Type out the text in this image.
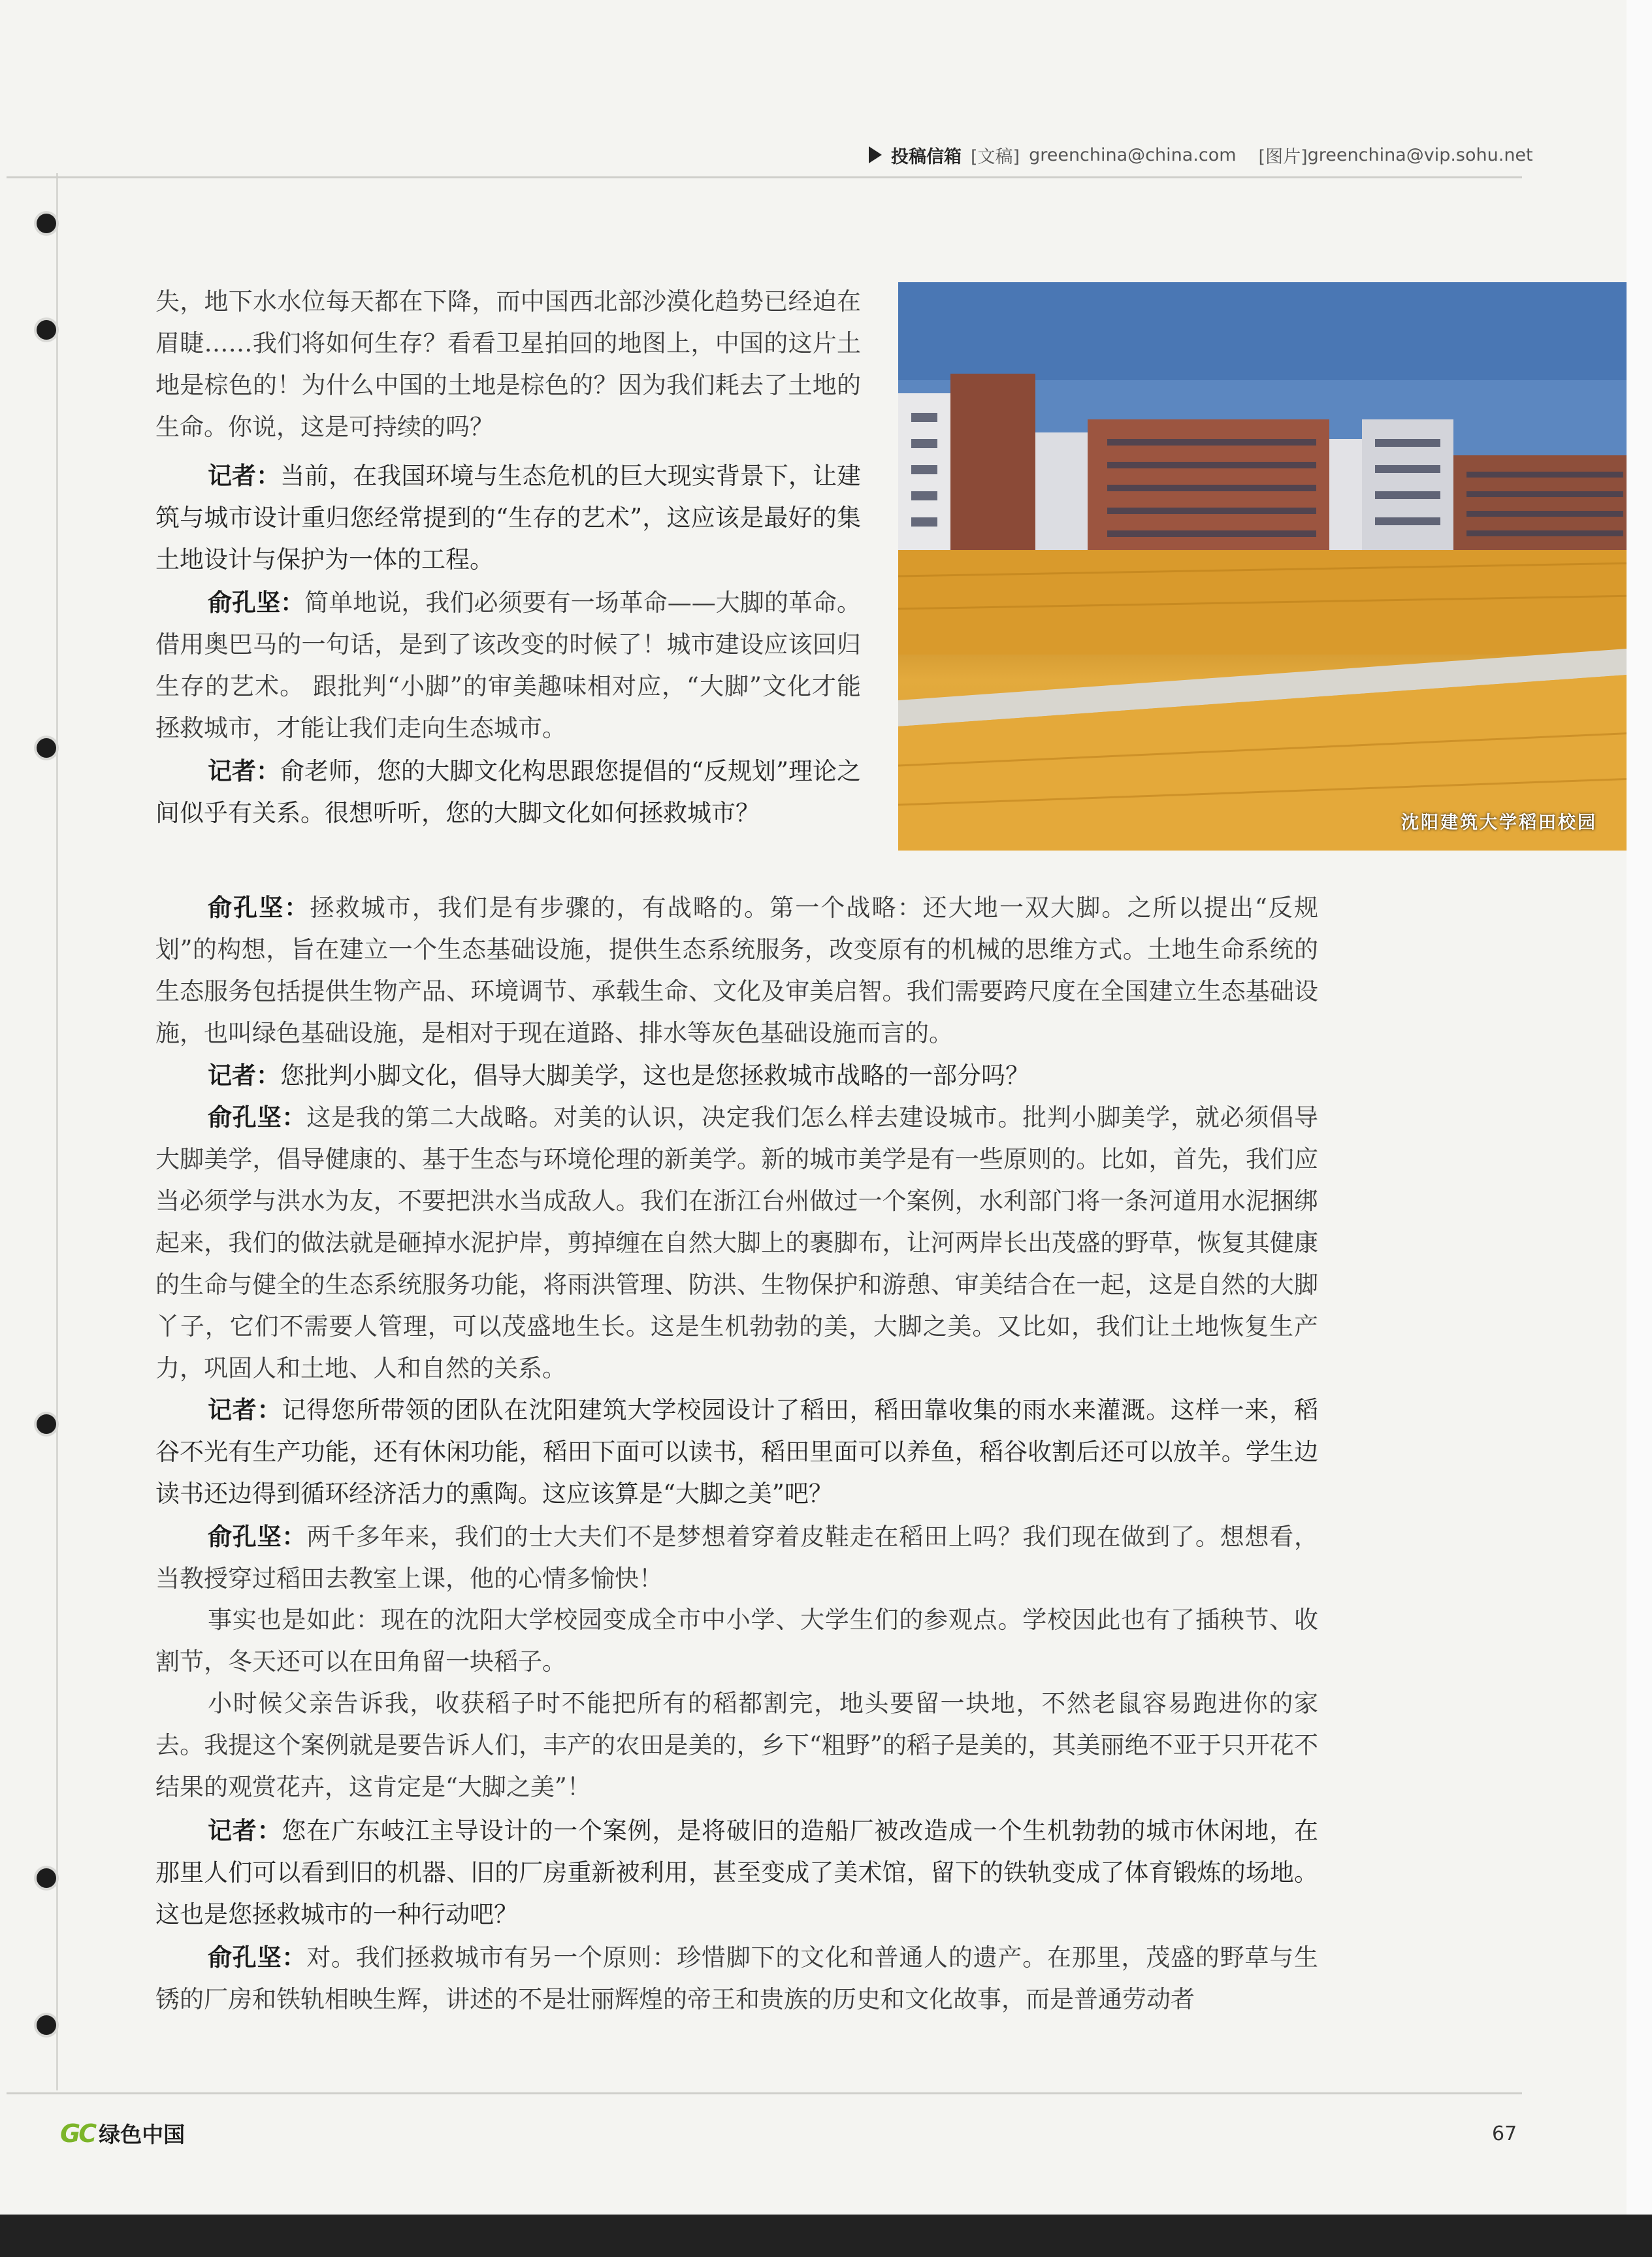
投稿信箱 [文稿] greenchina@china.com [图片] greenchina@vip.sohu.net
沈阳建筑大学稻田校园

失，地下水水位每天都在下降，而中国西北部沙漠化趋势已经迫在眉睫……我们将如何生存？看看卫星拍回的地图上，中国的这片土地是棕色的！为什么中国的土地是棕色的？因为我们耗去了土地的生命。你说，这是可持续的吗？

记者：当前，在我国环境与生态危机的巨大现实背景下，让建筑与城市设计重归您经常提到的“生存的艺术”，这应该是最好的集土地设计与保护为一体的工程。

俞孔坚：简单地说，我们必须要有一场革命——大脚的革命。借用奥巴马的一句话，是到了该改变的时候了！城市建设应该回归生存的艺术。 跟批判“小脚”的审美趣味相对应，“大脚”文化才能拯救城市，才能让我们走向生态城市。

记者：俞老师，您的大脚文化构思跟您提倡的“反规划”理论之间似乎有关系。很想听听，您的大脚文化如何拯救城市？

俞孔坚：拯救城市，我们是有步骤的，有战略的。第一个战略：还大地一双大脚。之所以提出“反规划”的构想，旨在建立一个生态基础设施，提供生态系统服务，改变原有的机械的思维方式。土地生命系统的生态服务包括提供生物产品、环境调节、承载生命、文化及审美启智。我们需要跨尺度在全国建立生态基础设施，也叫绿色基础设施，是相对于现在道路、排水等灰色基础设施而言的。

记者：您批判小脚文化，倡导大脚美学，这也是您拯救城市战略的一部分吗？

俞孔坚：这是我的第二大战略。对美的认识，决定我们怎么样去建设城市。批判小脚美学，就必须倡导大脚美学，倡导健康的、基于生态与环境伦理的新美学。新的城市美学是有一些原则的。比如，首先，我们应当必须学与洪水为友，不要把洪水当成敌人。我们在浙江台州做过一个案例，水利部门将一条河道用水泥捆绑起来，我们的做法就是砸掉水泥护岸，剪掉缠在自然大脚上的裹脚布，让河两岸长出茂盛的野草，恢复其健康的生命与健全的生态系统服务功能，将雨洪管理、防洪、生物保护和游憩、审美结合在一起，这是自然的大脚丫子，它们不需要人管理，可以茂盛地生长。这是生机勃勃的美，大脚之美。又比如，我们让土地恢复生产力，巩固人和土地、人和自然的关系。

记者：记得您所带领的团队在沈阳建筑大学校园设计了稻田，稻田靠收集的雨水来灌溉。这样一来，稻谷不光有生产功能，还有休闲功能，稻田下面可以读书，稻田里面可以养鱼，稻谷收割后还可以放羊。学生边读书还边得到循环经济活力的熏陶。这应该算是“大脚之美”吧？

俞孔坚：两千多年来，我们的士大夫们不是梦想着穿着皮鞋走在稻田上吗？我们现在做到了。想想看，当教授穿过稻田去教室上课，他的心情多愉快！

事实也是如此：现在的沈阳大学校园变成全市中小学、大学生们的参观点。学校因此也有了插秧节、收割节，冬天还可以在田角留一块稻子。

小时候父亲告诉我，收获稻子时不能把所有的稻都割完，地头要留一块地，不然老鼠容易跑进你的家去。我提这个案例就是要告诉人们，丰产的农田是美的，乡下“粗野”的稻子是美的，其美丽绝不亚于只开花不结果的观赏花卉，这肯定是“大脚之美”！

记者：您在广东岐江主导设计的一个案例，是将破旧的造船厂被改造成一个生机勃勃的城市休闲地，在那里人们可以看到旧的机器、旧的厂房重新被利用，甚至变成了美术馆，留下的铁轨变成了体育锻炼的场地。这也是您拯救城市的一种行动吧？

俞孔坚：对。我们拯救城市有另一个原则：珍惜脚下的文化和普通人的遗产。在那里，茂盛的野草与生锈的厂房和铁轨相映生辉，讲述的不是壮丽辉煌的帝王和贵族的历史和文化故事，而是普通劳动者

GC 绿色中国	67
